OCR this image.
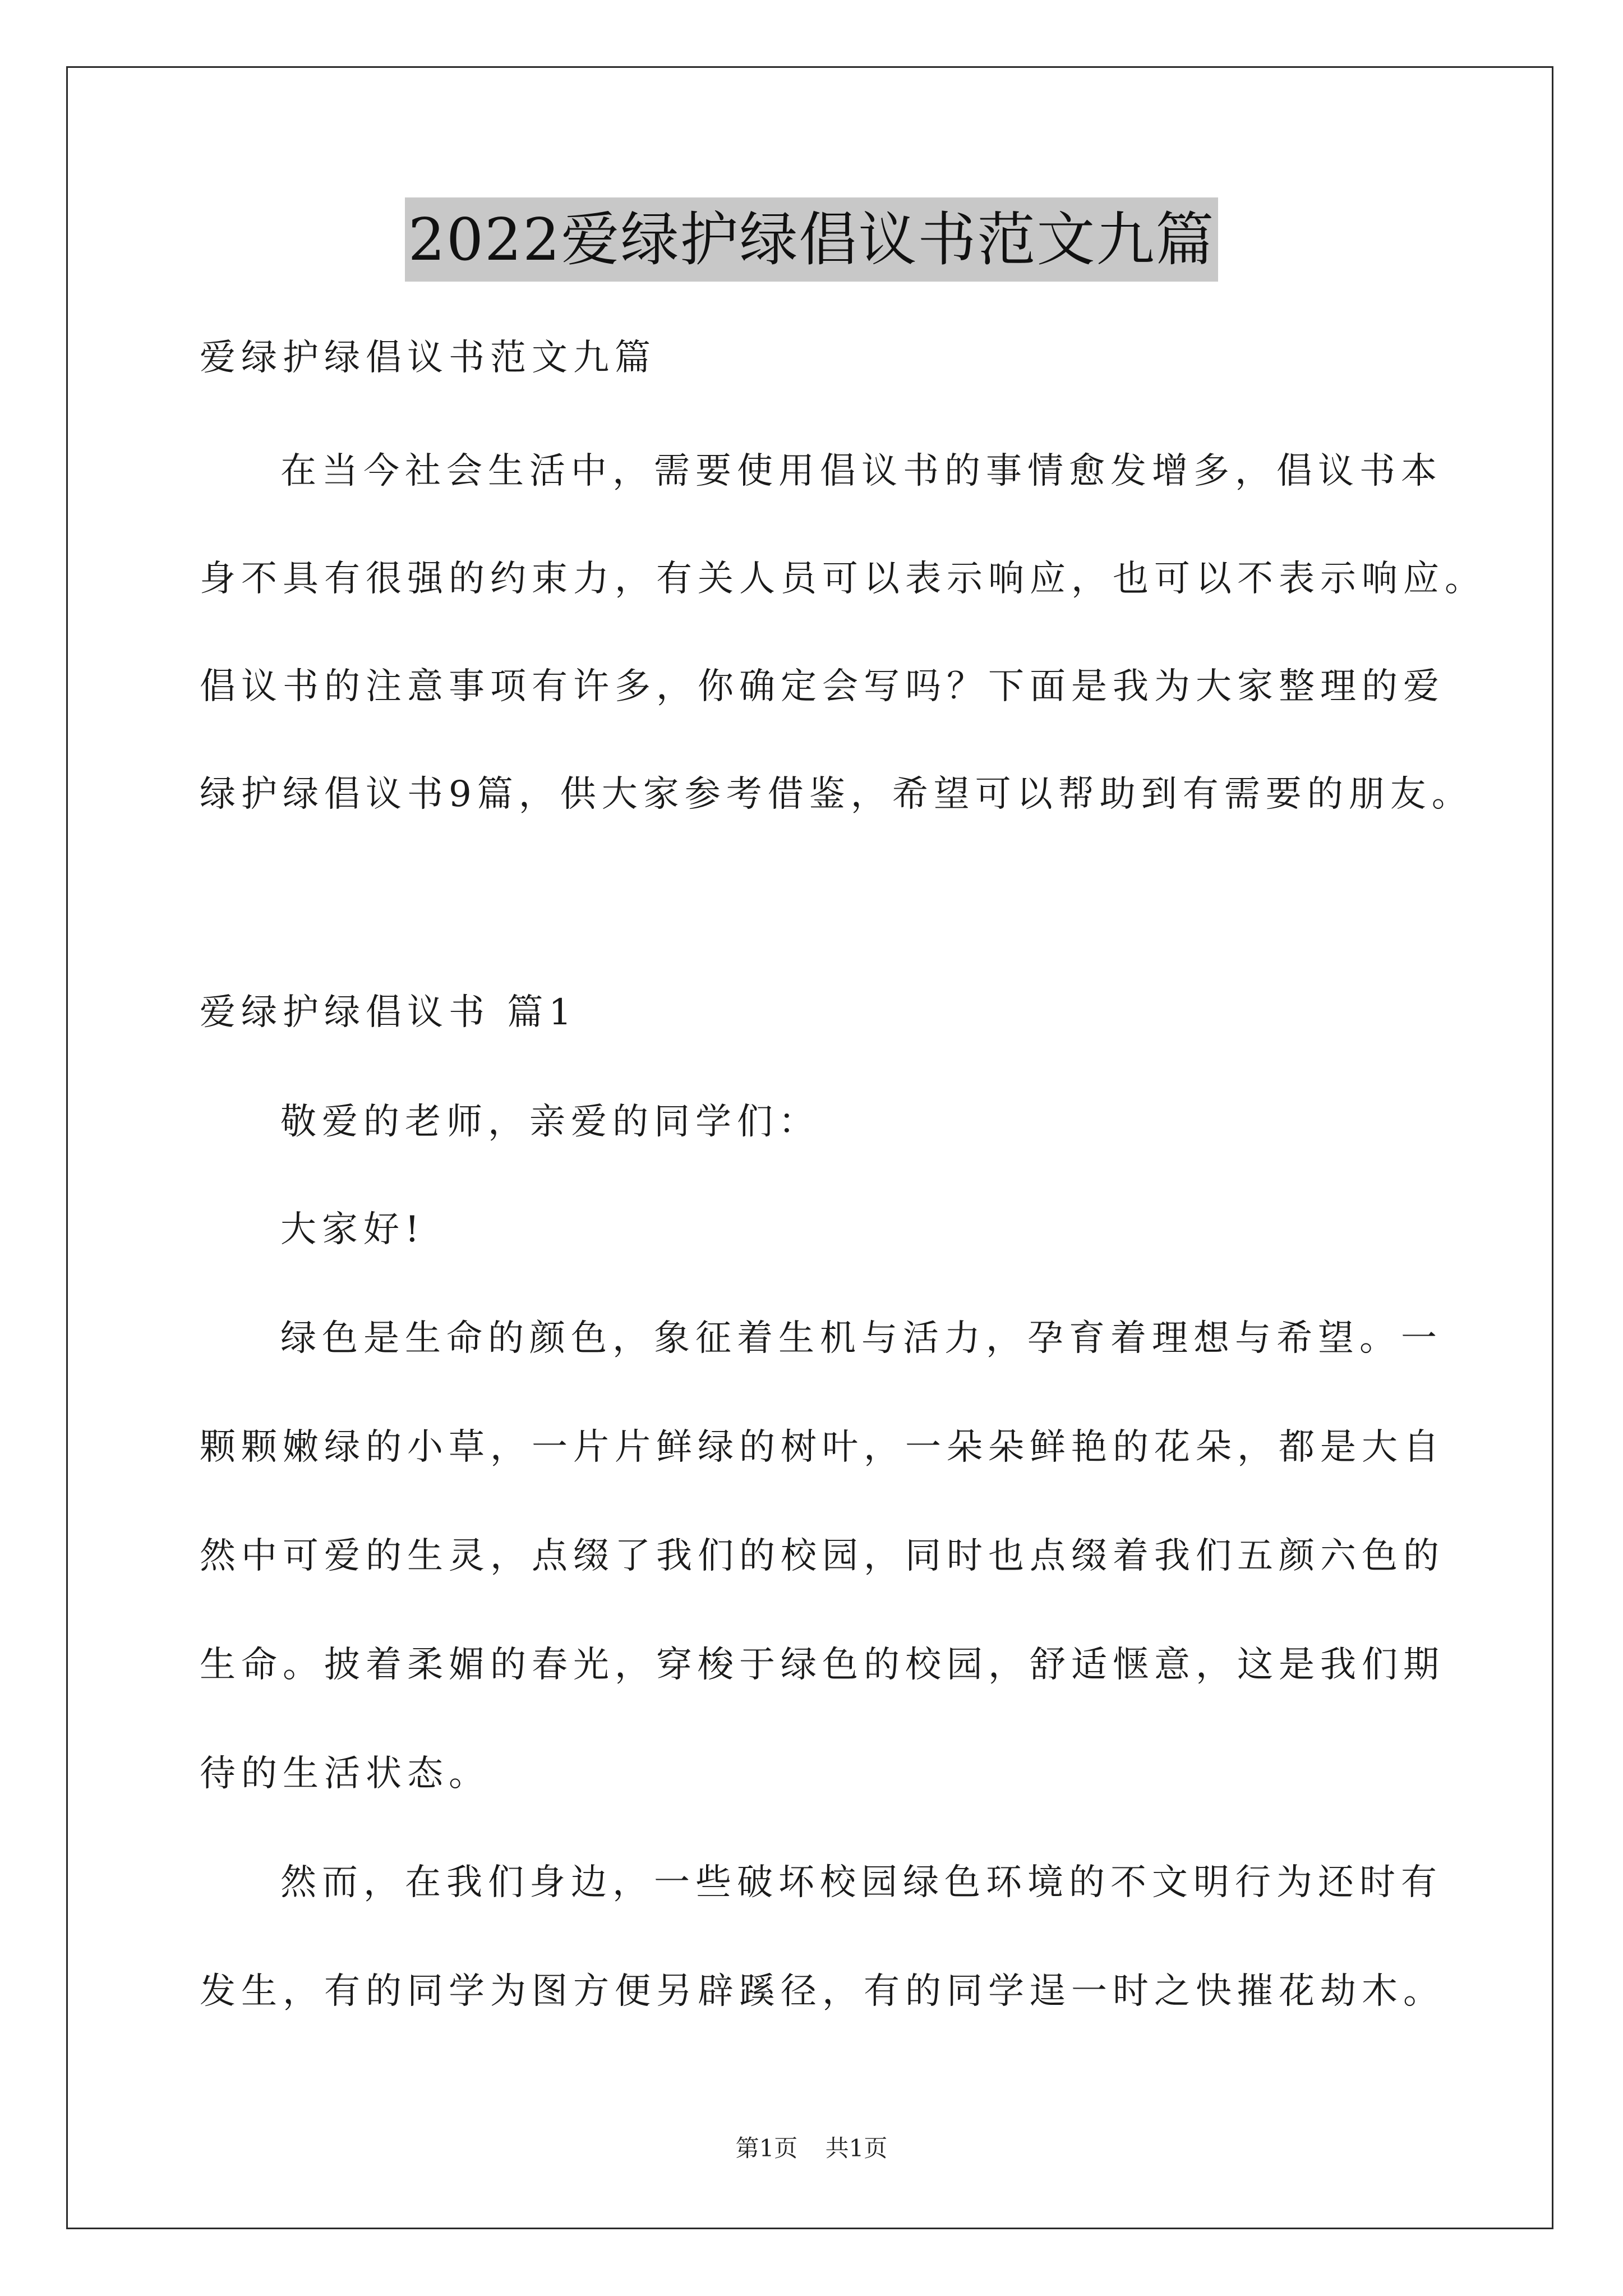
2022爱绿护绿倡议书范文九篇
爱绿护绿倡议书范文九篇
在当今社会生活中，需要使用倡议书的事情愈发增多，倡议书本
身不具有很强的约束力，有关人员可以表示响应，也可以不表示响应。
倡议书的注意事项有许多，你确定会写吗？下面是我为大家整理的爱
绿护绿倡议书9篇，供大家参考借鉴，希望可以帮助到有需要的朋友。
爱绿护绿倡议书 篇1
敬爱的老师，亲爱的同学们：
大家好!
绿色是生命的颜色，象征着生机与活力，孕育着理想与希望。一
颗颗嫩绿的小草，一片片鲜绿的树叶，一朵朵鲜艳的花朵，都是大自
然中可爱的生灵，点缀了我们的校园，同时也点缀着我们五颜六色的
生命。披着柔媚的春光，穿梭于绿色的校园，舒适惬意，这是我们期
待的生活状态。
然而，在我们身边，一些破坏校园绿色环境的不文明行为还时有
发生，有的同学为图方便另辟蹊径，有的同学逞一时之快摧花劫木。
第1页 共1页
